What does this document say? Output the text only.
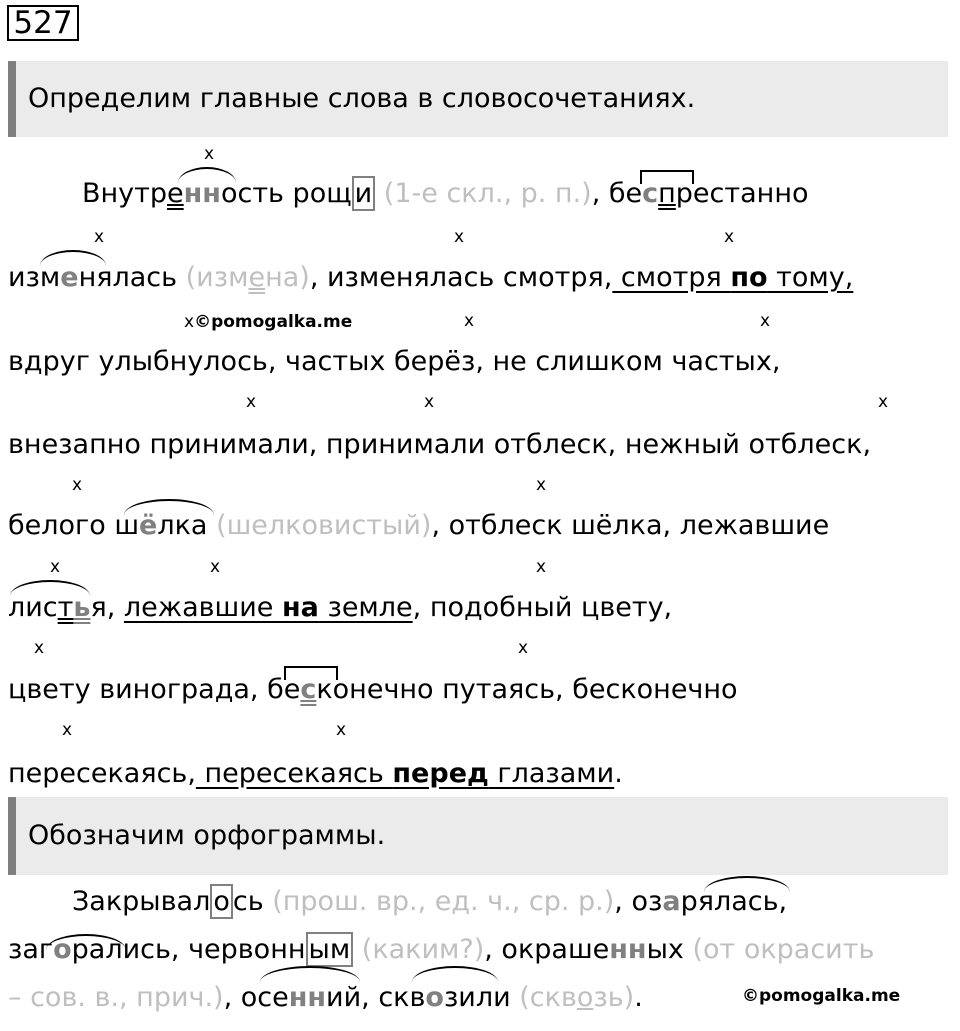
527
Определим главные слова в словосочетаниях.
x
Внутренность рощ и (1-е скл., р. п.), беспрестанно
x	x	x
изменялась (измена), изменялась смотря, смотря по тому,
x©pomogalka.me	x	x
вдруг улыбнулось, частых берёз, не слишком частых,
x	x	x
внезапно принимали, принимали отблеск, нежный отблеск,
x	x
белого шёлка (шелковистый), отблеск шёлка, лежавшие
x	x	x
листья, лежавшие на земле, подобный цвету,
x	x
цвету винограда, бесконечно путаясь, бесконечно
x	x
пересекаясь, пересекаясь перед глазами.
Обозначим орфограммы.
Закрывал о сь (прош. вр., ед. ч., ср. р.), озарялась,
загорались, червонн ым (каким?), окрашенных (от окрасить
– сов. в., прич.), осенний, сквозили (сквозь).	©pomogalka.me
